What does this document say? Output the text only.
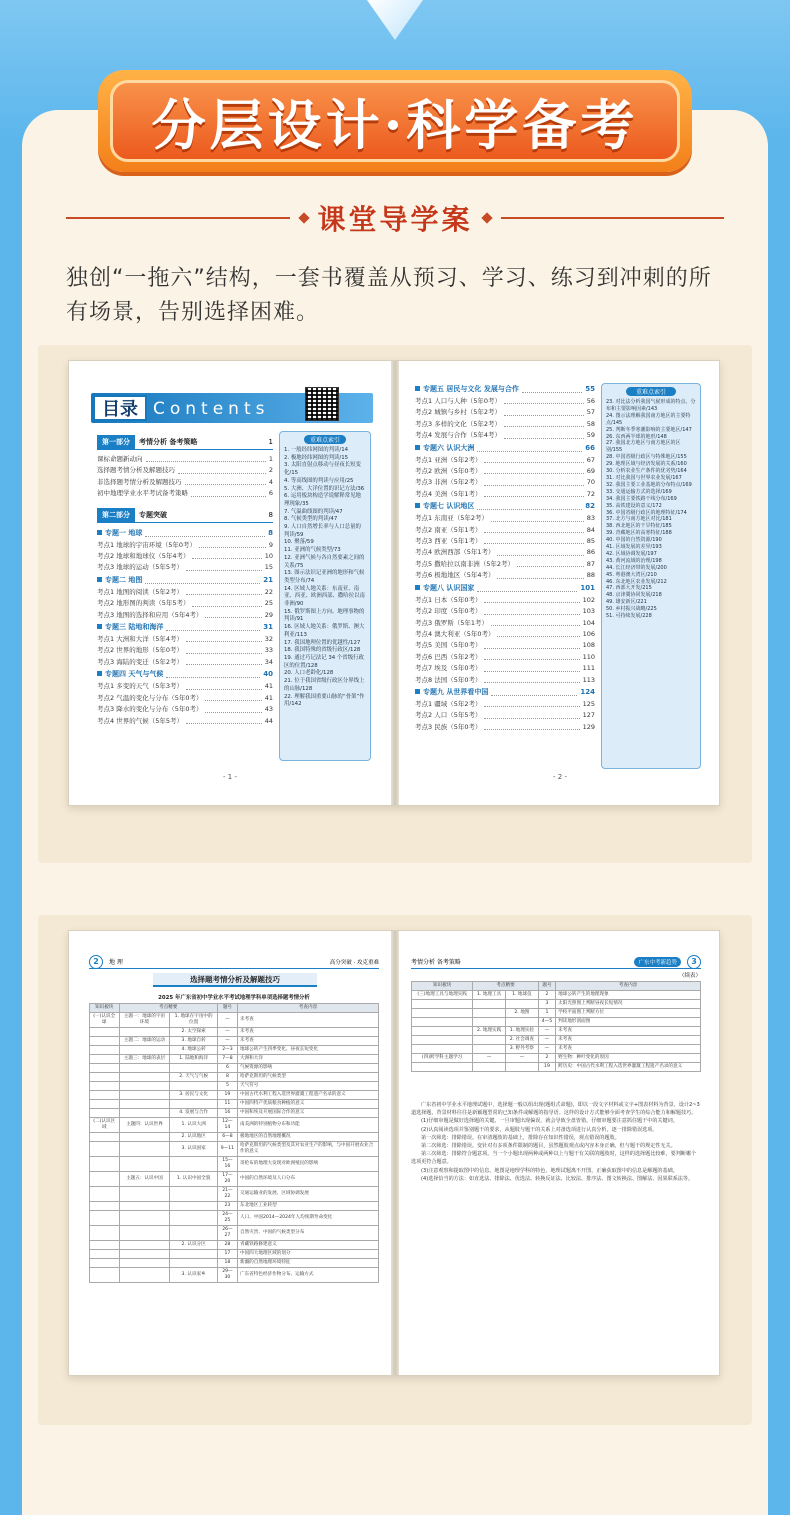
分层设计·科学备考
课堂导学案
独创“一拖六”结构，一套书覆盖从预习、学习、练习到冲刺的所有场景，告别选择困难。
目录 Contents
第一部分	考情分析 备考策略	1
课标命题新动向	1
选择题考情分析及解题技巧	2
非选择题考情分析及解题技巧	4
初中地理学业水平考试备考策略	6
第二部分	专题突破	8
专题一 地球	8
考点1 地球的宇宙环境（5年0考）	9
考点2 地球和地球仪（5年4考）	10
考点3 地球的运动（5年5考）	15
专题二 地图	21
考点1 地图的阅读（5年2考）	22
考点2 地形图的判读（5年5考）	25
考点3 地图的选择和应用（5年4考）	29
专题三 陆地和海洋	31
考点1 大洲和大洋（5年4考）	32
考点2 世界的地形（5年0考）	33
考点3 海陆的变迁（5年2考）	34
专题四 天气与气候	40
考点1 多变的天气（5年3考）	41
考点2 气温的变化与分布（5年0考）	41
考点3 降水的变化与分布（5年0考）	43
考点4 世界的气候（5年5考）	44
重难点索引
1. 一般经纬网图的判读/14
2. 极地经纬网图的判读/15
3. 太阳直射点移动与昼夜长短变化/15
4. 等高线图的判读与应用/25
5. 大洲、大洋位置的识记方法/36
6. 运用板块构造学说解释常见地理现象/35
7. 气温曲线图的判读/47
8. 气候类型的判读/47
9. 人口自然增长率与人口总量的判读/59
10. 聚落/59
11. 亚洲的气候类型/73
12. 亚洲气候与各自然要素之间的关系/75
13. 图示法识记亚洲的地形和气候类型分布/74
14. 区域人地关系：东南亚、南亚、西亚、欧洲西部、撒哈拉以南非洲/90
15. 俄罗斯图上方向、地理事物的判读/91
16. 区域人地关系：俄罗斯、澳大利亚/113
17. 我国地理位置的优越性/127
18. 我国特殊的省级行政区/128
19. 通过巧记法记 34 个省级行政区的位置/128
20. 人口老龄化/128
21. 位于我国省级行政区分界线上的山脉/128
22. 理解我国重要山脉的“骨架”作用/142
- 1 -
专题五 居民与文化 发展与合作	55
考点1 人口与人种（5年0考）	56
考点2 城镇与乡村（5年2考）	57
考点3 多样的文化（5年2考）	58
考点4 发展与合作（5年4考）	59
专题六 认识大洲	66
考点1 亚洲（5年2考）	67
考点2 欧洲（5年0考）	69
考点3 非洲（5年2考）	70
考点4 美洲（5年1考）	72
专题七 认识地区	82
考点1 东南亚（5年2考）	83
考点2 南亚（5年1考）	84
考点3 西亚（5年1考）	85
考点4 欧洲西部（5年1考）	86
考点5 撒哈拉以南非洲（5年2考）	87
考点6 极地地区（5年4考）	88
专题八 认识国家	101
考点1 日本（5年0考）	102
考点2 印度（5年0考）	103
考点3 俄罗斯（5年1考）	104
考点4 澳大利亚（5年0考）	106
考点5 美国（5年0考）	108
考点6 巴西（5年2考）	110
考点7 埃及（5年0考）	111
考点8 法国（5年0考）	113
专题九 从世界看中国	124
考点1 疆域（5年2考）	125
考点2 人口（5年5考）	127
考点3 民族（5年0考）	129
重难点索引
23. 对比法分析我国气候形成的特点、分布和主要影响因素/143
24. 图示法理解我国南方地区的主要特点/145
25. 判断冬季寒潮影响的主要地区/147
26. 东西两半球的地形/148
27. 我国北方地区与南方地区的区别/155
28. 中国省级行政区与特殊地区/155
29. 地理区域与经济发展的关系/160
30. 分析农业生产条件的优劣势/164
31. 对比我国与世界农业发展/167
32. 我国主要工业基地的分布特点/169
33. 交通运输方式的选择/169
34. 我国主要铁路干线分布/169
35. 高铁建设的意义/172
36. 中国省级行政区的地理特征/174
37. 北方与南方地区对比/181
38. 西北地区的干旱特征/185
39. 青藏地区的高寒特征/188
40. 中国的自然资源/190
41. 区域发展的差异/193
42. 区域协调发展/197
43. 黄河流域的治理/198
44. 长江经济带的发展/200
45. 粤港澳大湾区/210
46. 东北地区农业发展/212
47. 西部大开发/215
48. 京津冀协同发展/218
49. 雄安新区/221
50. 乡村振兴战略/225
51. 可持续发展/228
- 2 -
2	地 理	高分突破 · 攻克重难
选择题考情分析及解题技巧
2025 年广东省初中学业水平考试地理学科单项选择题考情分析
知识板块	考点精要		题号	考查内容
(一)认识全球	主题一：地球的宇宙环境	1. 地球在宇宙中的位置	—	未考查
		2. 太空探索	—	未考查
	主题二：地球的运动	3. 地球自转	—	未考查
		4. 地球公转	2—3	地球公转产生四季变化、昼夜长短变化
	主题三：地球的表层	1. 陆地和海洋	7—8	大洲和大洋
			6	气候资源的影响
		2. 天气与气候	8	哈萨克斯坦的气候类型
			5	天气符号
		3. 居民与文化	19	中国古代水利工程入选世界灌溉工程遗产名录的意义
			11	中国四特产优质粮食种植的意义
		4. 发展与合作	16	中国和埃及开展国际合作的意义
(二)认识区域	主题四：认识世界	1. 认识大洲	12—14	南美洲的特别植物分布和功能
		2. 认识地区	6—8	极地地区的自然地理概况
		3. 认识国家	9—11	哈萨克斯坦的气候类型及其对农业生产的影响，与中国开展农业合作的意义
			15—16	哥伦布的地理大发现对欧洲殖民的影响
	主题五：认识中国	1. 认识中国全貌	17—20	中国的自然环境及人口分布
			21—22	交通运输业的发展、区域协调发展
			23	东北地区工业转型
			24—25	人口、中国2014—2024年人均预期寿命变化
			26—27	自然灾害、中国的气候类型分布
		2. 认识分区	28	青藏铁路修建意义
			17	中国四大地理区域的划分
			18	新疆的自然地理环境特征
		3. 认识家乡	29—30	广东省特色经济作物分布、运输方式
考情分析 备考策略	广东中考新趋势	3
（续表）
知识板块	考点精要		题号	考查内容
(三)地理工具与地理实践	1. 地理工具	1. 地球仪	2	地球公转产生的地理现象
			3	太阳光照图上判断昼夜长短情况
		2. 地图	1	学校平面图上判断方位
			4—5	判读地形剖面图
	2. 地理实践	1. 地理实验	—	未考查
		2. 社会调查	—	未考查
		3. 野外考察	—	未考查
(四)跨学科主题学习	—	—	2	野生物：种叶变化的原因
			19	跨历史：中国古代水利工程入选世界灌溉工程遗产名录的意义

广东省初中学业水平地理试题中，选择题一般以组出现(题组式命题)，即以一段文字材料或文字+图表材料为背景，设计2~3道选择题，背景材料往往是新颖题型常的已知条件或解题的指导语。这样的设计方式能够全面考查学生的综合能力和解题技巧。

(1)仔细审题是做好选择题的关键。一旦审题出现偏误，就会导致全盘皆错。仔细审题要注意抓住题干中的关键词。

(2)认真阅读选项并鉴别题干的要求，从题肢与题干的关系上对备选项进行认真分析，逐一排除错误选项。

第一次筛选：排除错误。在审清题肢的基础上，排除存在知识性错误，观点错误的题肢。

第二次筛选：排除错误。变针对有多项条件限制的题目，虽然题肢观点或内容本身正确，但与题干的规定性无关。

第三次筛选：排除符合题意项。当一个小题出现两种或两种以上与题干有关联的题肢时，这样的选择题比较难，要判断哪个选项更符合题意。

(3)注意观察和提取图中的信息。地图是地理学科的特色，地理试题离不开图，正确获取图中的信息是解题的基础。

(4)选择恰当的方法：如直选法、排除法、优选法、转换反证法、比较法、排序法、图文转换法、图解法、因果联系法等。
